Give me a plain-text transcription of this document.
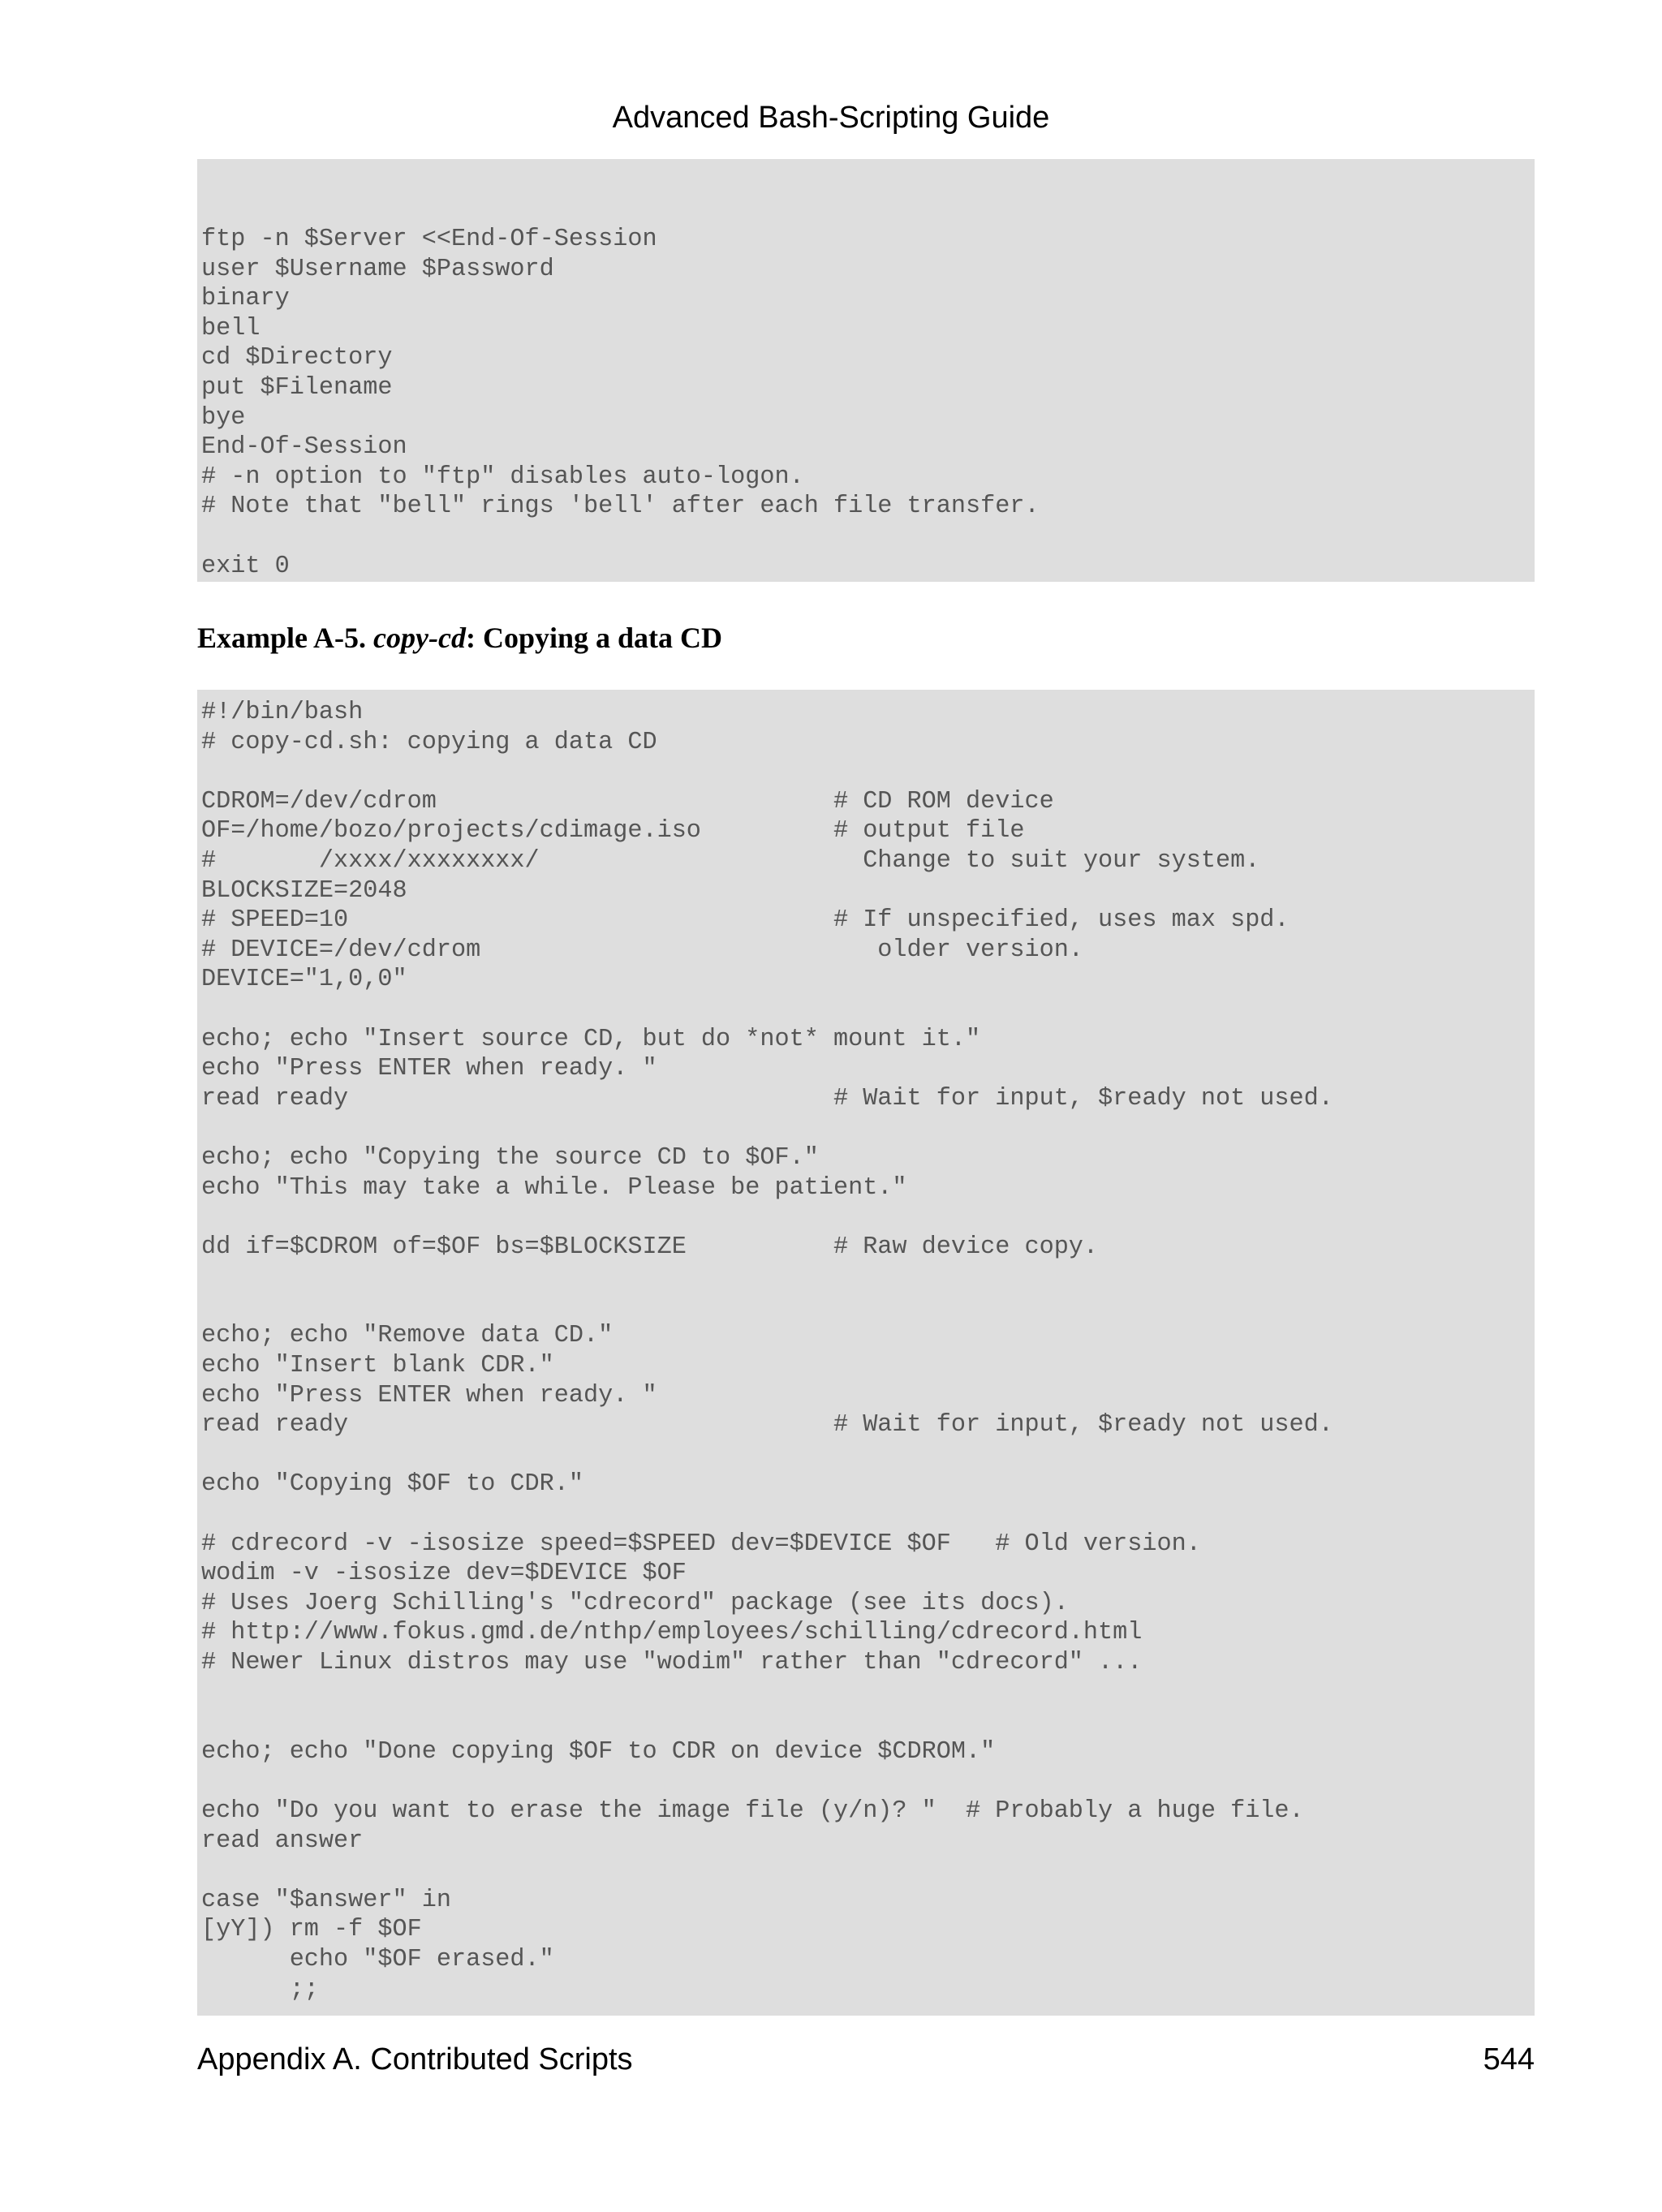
Advanced Bash-Scripting Guide
ftp -n $Server <<End-Of-Session
user $Username $Password
binary
bell
cd $Directory
put $Filename
bye
End-Of-Session
# -n option to "ftp" disables auto-logon.
# Note that "bell" rings 'bell' after each file transfer.

exit 0
Example A-5. copy-cd: Copying a data CD
#!/bin/bash
# copy-cd.sh: copying a data CD

CDROM=/dev/cdrom                           # CD ROM device
OF=/home/bozo/projects/cdimage.iso         # output file
#       /xxxx/xxxxxxxx/                      Change to suit your system.
BLOCKSIZE=2048
# SPEED=10                                 # If unspecified, uses max spd.
# DEVICE=/dev/cdrom                           older version.
DEVICE="1,0,0"

echo; echo "Insert source CD, but do *not* mount it."
echo "Press ENTER when ready. "
read ready                                 # Wait for input, $ready not used.

echo; echo "Copying the source CD to $OF."
echo "This may take a while. Please be patient."

dd if=$CDROM of=$OF bs=$BLOCKSIZE          # Raw device copy.

echo; echo "Remove data CD."
echo "Insert blank CDR."
echo "Press ENTER when ready. "
read ready                                 # Wait for input, $ready not used.

echo "Copying $OF to CDR."

# cdrecord -v -isosize speed=$SPEED dev=$DEVICE $OF   # Old version.
wodim -v -isosize dev=$DEVICE $OF
# Uses Joerg Schilling's "cdrecord" package (see its docs).
# http://www.fokus.gmd.de/nthp/employees/schilling/cdrecord.html
# Newer Linux distros may use "wodim" rather than "cdrecord" ...

echo; echo "Done copying $OF to CDR on device $CDROM."

echo "Do you want to erase the image file (y/n)? "  # Probably a huge file.
read answer

case "$answer" in
[yY]) rm -f $OF
echo "$OF erased."
;;
Appendix A. Contributed Scripts	544
